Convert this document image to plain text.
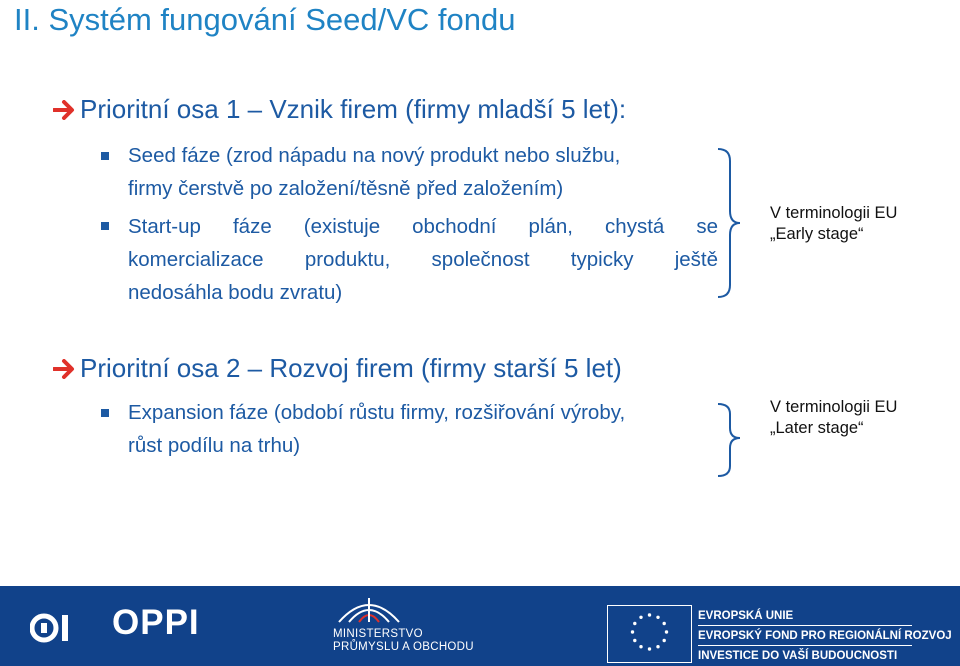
II. Systém fungování Seed/VC fondu
Prioritní osa 1 – Vznik firem (firmy mladší 5 let):
Seed fáze (zrod nápadu na nový produkt nebo službu,
firmy čerstvě po založení/těsně před založením)
Start-up fáze (existuje obchodní plán, chystá se
komercializace produktu, společnost typicky ještě
nedosáhla bodu zvratu)
V terminologii EU
„Early stage“
Prioritní osa 2 – Rozvoj firem (firmy starší 5 let)
Expansion fáze (období růstu firmy, rozšiřování výroby,
růst podílu na trhu)
V terminologii EU
„Later stage“
OPPI	MINISTERSTVO
PRŮMYSLU A OBCHODU
EVROPSKÁ UNIE
EVROPSKÝ FOND PRO REGIONÁLNÍ ROZVOJ
INVESTICE DO VAŠÍ BUDOUCNOSTI
